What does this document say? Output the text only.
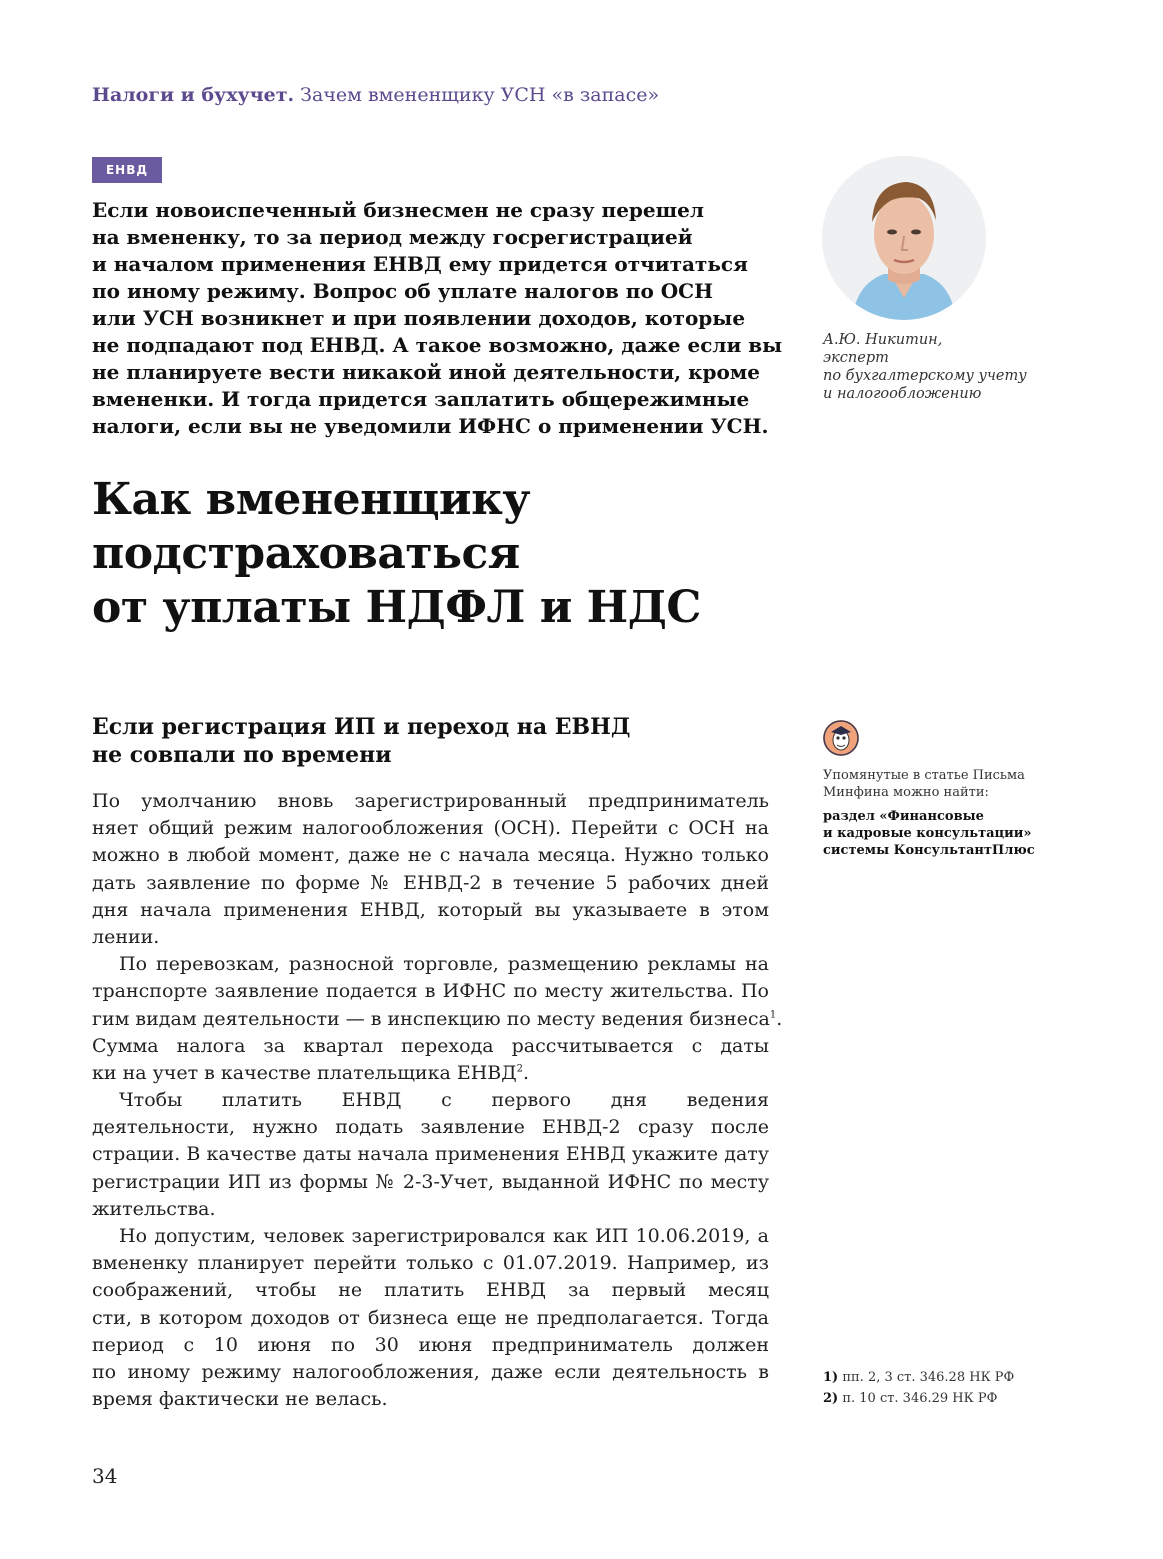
Налоги и бухучет. Зачем вмененщику УСН «в запасе»
ЕНВД
Если новоиспеченный бизнесмен не сразу перешел
на вмененку, то за период между госрегистрацией
и началом применения ЕНВД ему придется отчитаться
по иному режиму. Вопрос об уплате налогов по ОСН
или УСН возникнет и при появлении доходов, которые
не подпадают под ЕНВД. А такое возможно, даже если вы
не планируете вести никакой иной деятельности, кроме
вмененки. И тогда придется заплатить общережимные
налоги, если вы не уведомили ИФНС о применении УСН.
А.Ю. Никитин,
эксперт
по бухгалтерскому учету
и налогообложению
Как вмененщику
подстраховаться
от уплаты НДФЛ и НДС
Если регистрация ИП и переход на ЕВНД
не совпали по времени
По умолчанию вновь зарегистрированный предприниматель
няет общий режим налогообложения (ОСН). Перейти с ОСН на
можно в любой момент, даже не с начала месяца. Нужно только
дать заявление по форме № ЕНВД-2 в течение 5 рабочих дней
дня начала применения ЕНВД, который вы указываете в этом
лении.
По перевозкам, разносной торговле, размещению рекламы на
транспорте заявление подается в ИФНС по месту жительства. По
гим видам деятельности — в инспекцию по месту ведения бизнеса$^1$.
Сумма налога за квартал перехода рассчитывается с даты
ки на учет в качестве плательщика ЕНВД$^2$.
Чтобы платить ЕНВД с первого дня ведения
деятельности, нужно подать заявление ЕНВД-2 сразу после
страции. В качестве даты начала применения ЕНВД укажите дату
регистрации ИП из формы № 2-3-Учет, выданной ИФНС по месту
жительства.
Но допустим, человек зарегистрировался как ИП 10.06.2019, а
вмененку планирует перейти только с 01.07.2019. Например, из
соображений, чтобы не платить ЕНВД за первый месяц
сти, в котором доходов от бизнеса еще не предполагается. Тогда
период с 10 июня по 30 июня предприниматель должен
по иному режиму налогообложения, даже если деятельность в
время фактически не велась.
Упомянутые в статье Письма
Минфина можно найти:
раздел «Финансовые
и кадровые консультации»
системы КонсультантПлюс
1) пп. 2, 3 ст. 346.28 НК РФ
2) п. 10 ст. 346.29 НК РФ
34
